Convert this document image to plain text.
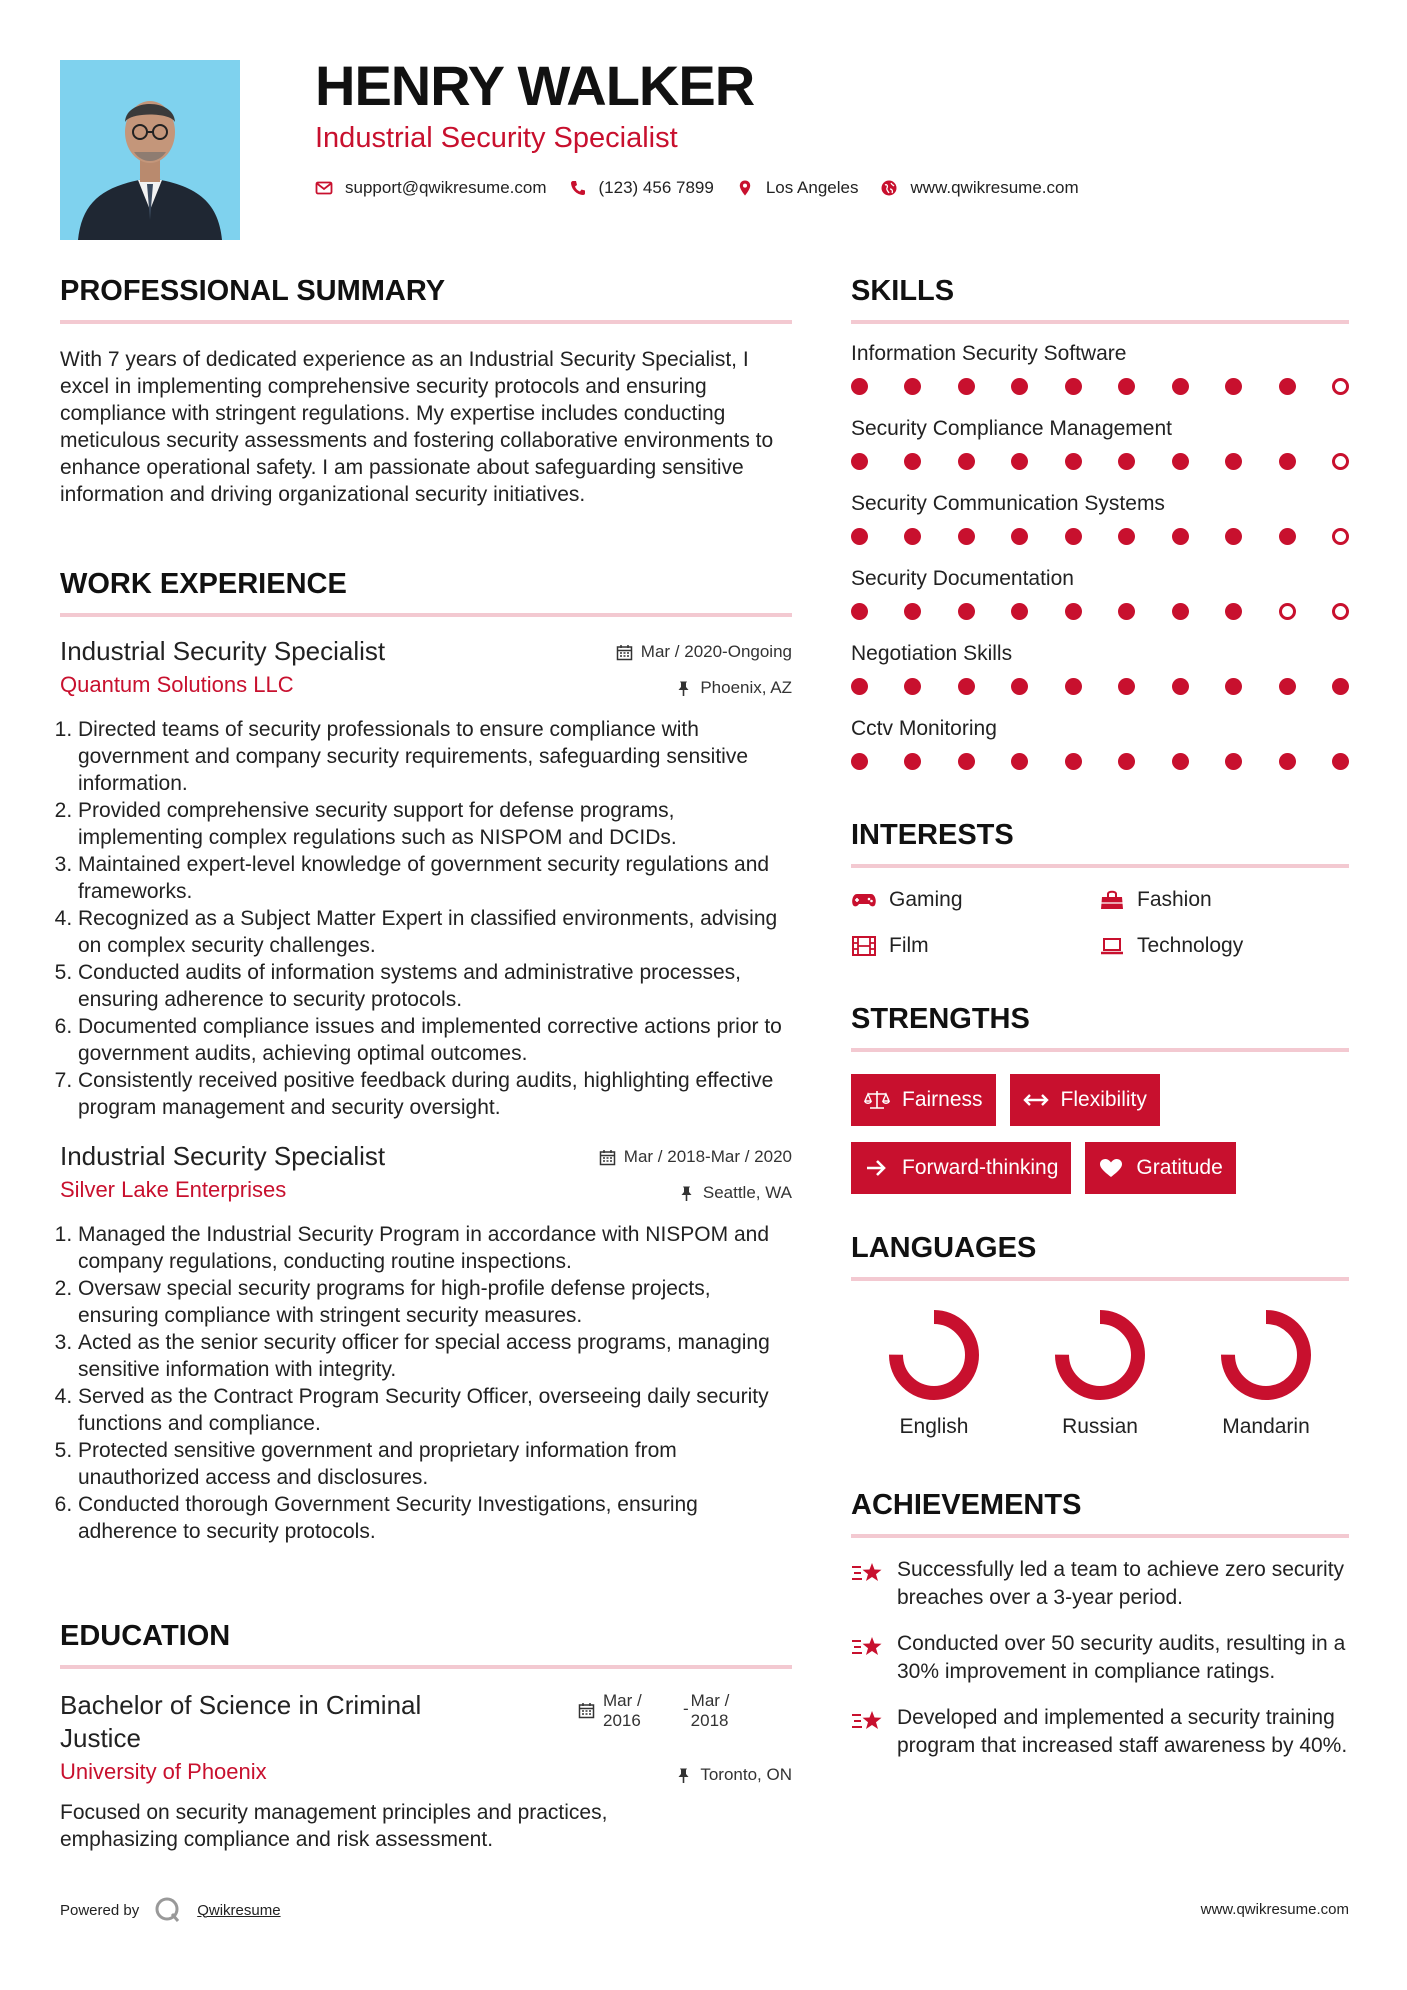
HENRY WALKER
Industrial Security Specialist
support@qwikresume.com	(123) 456 7899	Los Angeles	www.qwikresume.com
PROFESSIONAL SUMMARY
With 7 years of dedicated experience as an Industrial Security Specialist, I excel in implementing comprehensive security protocols and ensuring compliance with stringent regulations. My expertise includes conducting meticulous security assessments and fostering collaborative environments to enhance operational safety. I am passionate about safeguarding sensitive information and driving organizational security initiatives.
WORK EXPERIENCE
Industrial Security Specialist	Mar / 2020-Ongoing
Quantum Solutions LLC	Phoenix, AZ
1. Directed teams of security professionals to ensure compliance with government and company security requirements, safeguarding sensitive information.
2. Provided comprehensive security support for defense programs, implementing complex regulations such as NISPOM and DCIDs.
3. Maintained expert-level knowledge of government security regulations and frameworks.
4. Recognized as a Subject Matter Expert in classified environments, advising on complex security challenges.
5. Conducted audits of information systems and administrative processes, ensuring adherence to security protocols.
6. Documented compliance issues and implemented corrective actions prior to government audits, achieving optimal outcomes.
7. Consistently received positive feedback during audits, highlighting effective program management and security oversight.
Industrial Security Specialist	Mar / 2018-Mar / 2020
Silver Lake Enterprises	Seattle, WA
1. Managed the Industrial Security Program in accordance with NISPOM and company regulations, conducting routine inspections.
2. Oversaw special security programs for high-profile defense projects, ensuring compliance with stringent security measures.
3. Acted as the senior security officer for special access programs, managing sensitive information with integrity.
4. Served as the Contract Program Security Officer, overseeing daily security functions and compliance.
5. Protected sensitive government and proprietary information from unauthorized access and disclosures.
6. Conducted thorough Government Security Investigations, ensuring adherence to security protocols.
EDUCATION
Bachelor of Science in Criminal Justice
Mar /
2016
- Mar /
2018
University of Phoenix	Toronto, ON
Focused on security management principles and practices, emphasizing compliance and risk assessment.
SKILLS
Information Security Software
Security Compliance Management
Security Communication Systems
Security Documentation
Negotiation Skills
Cctv Monitoring
INTERESTS
Gaming	Fashion
Film	Technology
STRENGTHS
Fairness	Flexibility
Forward-thinking	Gratitude
LANGUAGES
English	Russian	Mandarin
ACHIEVEMENTS
Successfully led a team to achieve zero security breaches over a 3-year period.
Conducted over 50 security audits, resulting in a 30% improvement in compliance ratings.
Developed and implemented a security training program that increased staff awareness by 40%.
Powered by	Qwikresume	www.qwikresume.com
